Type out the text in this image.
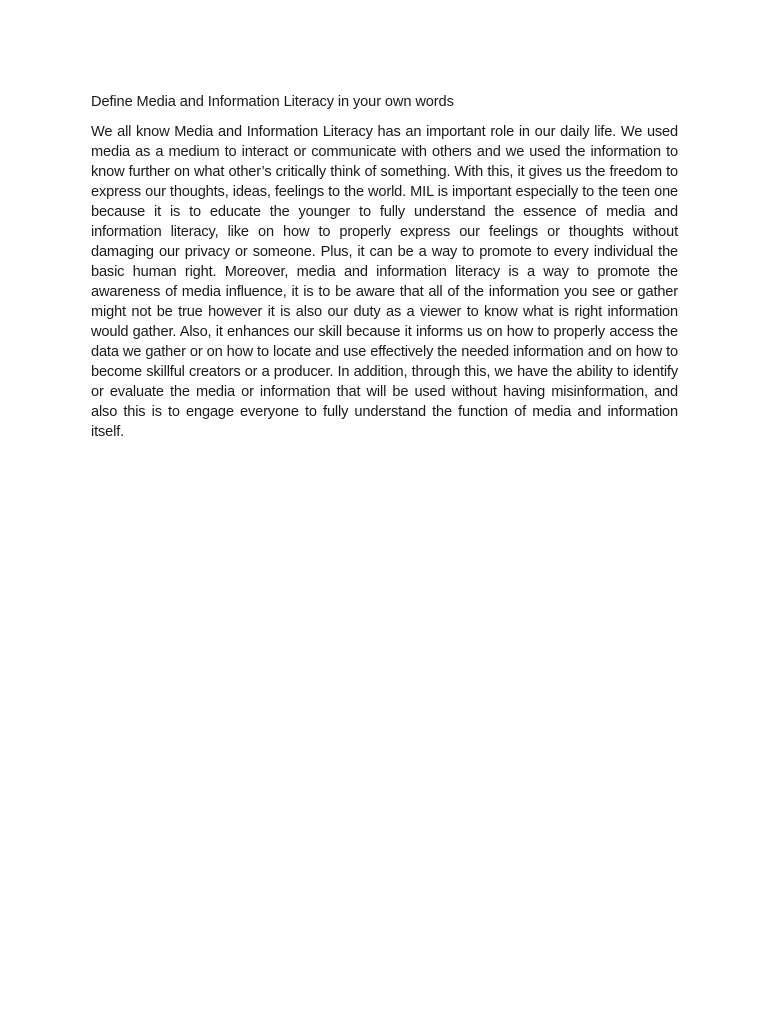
Define Media and Information Literacy in your own words

We all know Media and Information Literacy has an important role in our daily life. We used media as a medium to interact or communicate with others and we used the information to know further on what other’s critically think of something. With this, it gives us the freedom to express our thoughts, ideas, feelings to the world. MIL is important especially to the teen one because it is to educate the younger to fully understand the essence of media and information literacy, like on how to properly express our feelings or thoughts without damaging our privacy or someone. Plus, it can be a way to promote to every individual the basic human right. Moreover, media and information literacy is a way to promote the awareness of media influence, it is to be aware that all of the information you see or gather might not be true however it is also our duty as a viewer to know what is right information would gather. Also, it enhances our skill because it informs us on how to properly access the data we gather or on how to locate and use effectively the needed information and on how to become skillful creators or a producer. In addition, through this, we have the ability to identify or evaluate the media or information that will be used without having misinformation, and also this is to engage everyone to fully understand the function of media and information itself.
